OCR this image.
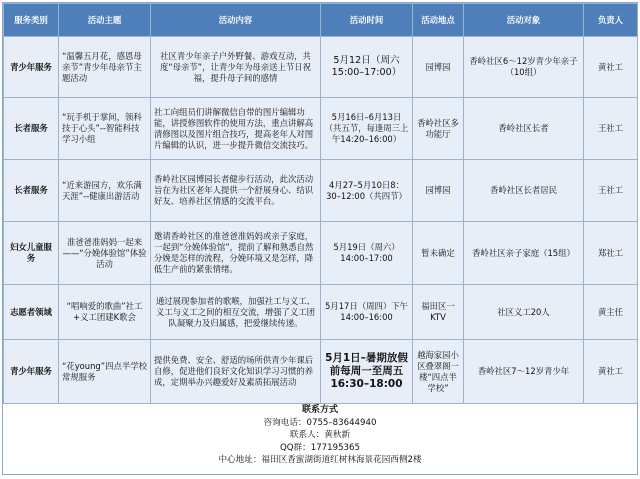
服务类别	活动主题	活动内容	活动时间	活动地点	活动对象	负责人
青少年服务	“温馨五月花，感恩母亲节”青少年母亲节主题活动	社区青少年亲子户外野餐、游戏互动，共度“母亲节”，让青少年为母亲送上节日祝福，提升母子间的感情	5月12日（周六15:00–17:00）	园博园	香岭社区6～12岁青少年亲子（10组）	黄社工
长者服务	“玩手机于掌间，领科技于心头”--智能科技学习小组	社工向组员们讲解微信自带的图片编辑功能，讲授修图软件的使用方法，重点讲解高清修图以及图片组合技巧，提高老年人对图片编辑的认识，进一步提升微信交流技巧。	5月16日–6月13日（共五节，每逢周三上午14:20–16:00）	香岭社区多功能厅	香岭社区长者	王社工
长者服务	“近来游园方，欢乐满天涯”--健康出游活动	香岭社区园博园长者健步行活动，此次活动旨在为社区老年人提供一个舒展身心、结识好友、培养社区情感的交流平台。	4月27–5月10日8：30–12:00（共四节）	园博园	香岭社区长者居民	王社工
妇女儿童服务	准爸爸准妈妈一起来——“分娩体验馆”体验活动	邀请香岭社区的准爸爸准妈妈或亲子家庭，一起到“分娩体验馆”，提前了解和熟悉自然分娩是怎样的流程，分娩环境又是怎样，降低生产前的紧张情绪。	5月19日（周六）14:00–17:00	暂未确定	香岭社区亲子家庭（15组）	郑社工
志愿者领域	“唱响爱的歌曲”社工+义工团建K歌会	通过展现参加者的歌喉，加强社工与义工、义工与义工之间的相互交流，增强了义工团队凝聚力及归属感，把爱继续传递。	5月17日（周四）下午14:00–16:00	福田区一KTV	社区义工20人	黄主任
青少年服务	“花young”四点半学校常规服务	提供免费、安全、舒适的场所供青少年课后自修，促进他们良好文化知识学习习惯的养成，定期举办兴趣爱好及素质拓展活动	5月1日–暑期放假前每周一至周五16:30–18:00	越海家园小区叠翠阁一楼“四点半学校”	香岭社区7～12岁青少年	黄社工
联系方式
咨询电话：0755–83644940
联系人：黄秋新
QQ群：177195365
中心地址：福田区香蜜湖街道红树林海景花园西侧2楼
